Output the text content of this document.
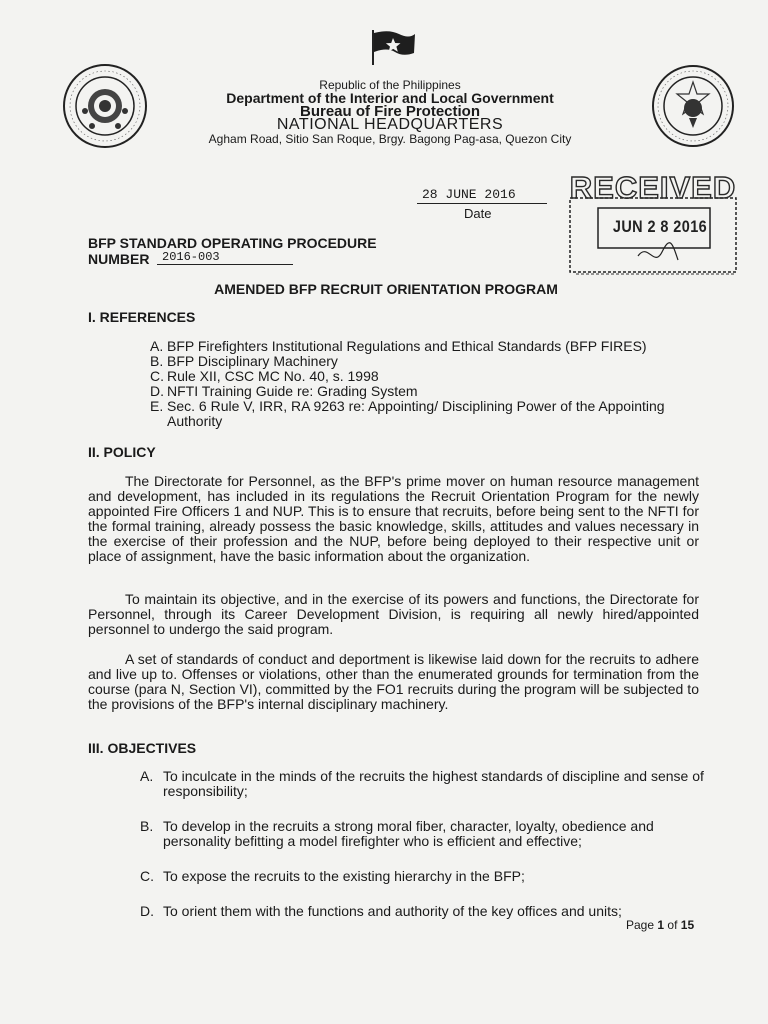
Republic of the Philippines
Department of the Interior and Local Government
Bureau of Fire Protection
NATIONAL HEADQUARTERS
Agham Road, Sitio San Roque, Brgy. Bagong Pag-asa, Quezon City
28 JUNE 2016
Date
RECEIVED
JUN 2 8 2016
BFP STANDARD OPERATING PROCEDURE
NUMBER 2016-003
AMENDED BFP RECRUIT ORIENTATION PROGRAM
I. REFERENCES
A. BFP Firefighters Institutional Regulations and Ethical Standards (BFP FIRES)
B. BFP Disciplinary Machinery
C. Rule XII, CSC MC No. 40, s. 1998
D. NFTI Training Guide re: Grading System
E. Sec. 6 Rule V, IRR, RA 9263 re: Appointing/ Disciplining Power of the Appointing Authority
II. POLICY

The Directorate for Personnel, as the BFP's prime mover on human resource management and development, has included in its regulations the Recruit Orientation Program for the newly appointed Fire Officers 1 and NUP. This is to ensure that recruits, before being sent to the NFTI for the formal training, already possess the basic knowledge, skills, attitudes and values necessary in the exercise of their profession and the NUP, before being deployed to their respective unit or place of assignment, have the basic information about the organization.

To maintain its objective, and in the exercise of its powers and functions, the Directorate for Personnel, through its Career Development Division, is requiring all newly hired/appointed personnel to undergo the said program.

A set of standards of conduct and deportment is likewise laid down for the recruits to adhere and live up to. Offenses or violations, other than the enumerated grounds for termination from the course (para N, Section VI), committed by the FO1 recruits during the program will be subjected to the provisions of the BFP's internal disciplinary machinery.

III. OBJECTIVES
A. To inculcate in the minds of the recruits the highest standards of discipline and sense of responsibility;
B. To develop in the recruits a strong moral fiber, character, loyalty, obedience and personality befitting a model firefighter who is efficient and effective;
C. To expose the recruits to the existing hierarchy in the BFP;
D. To orient them with the functions and authority of the key offices and units;
Page 1 of 15
